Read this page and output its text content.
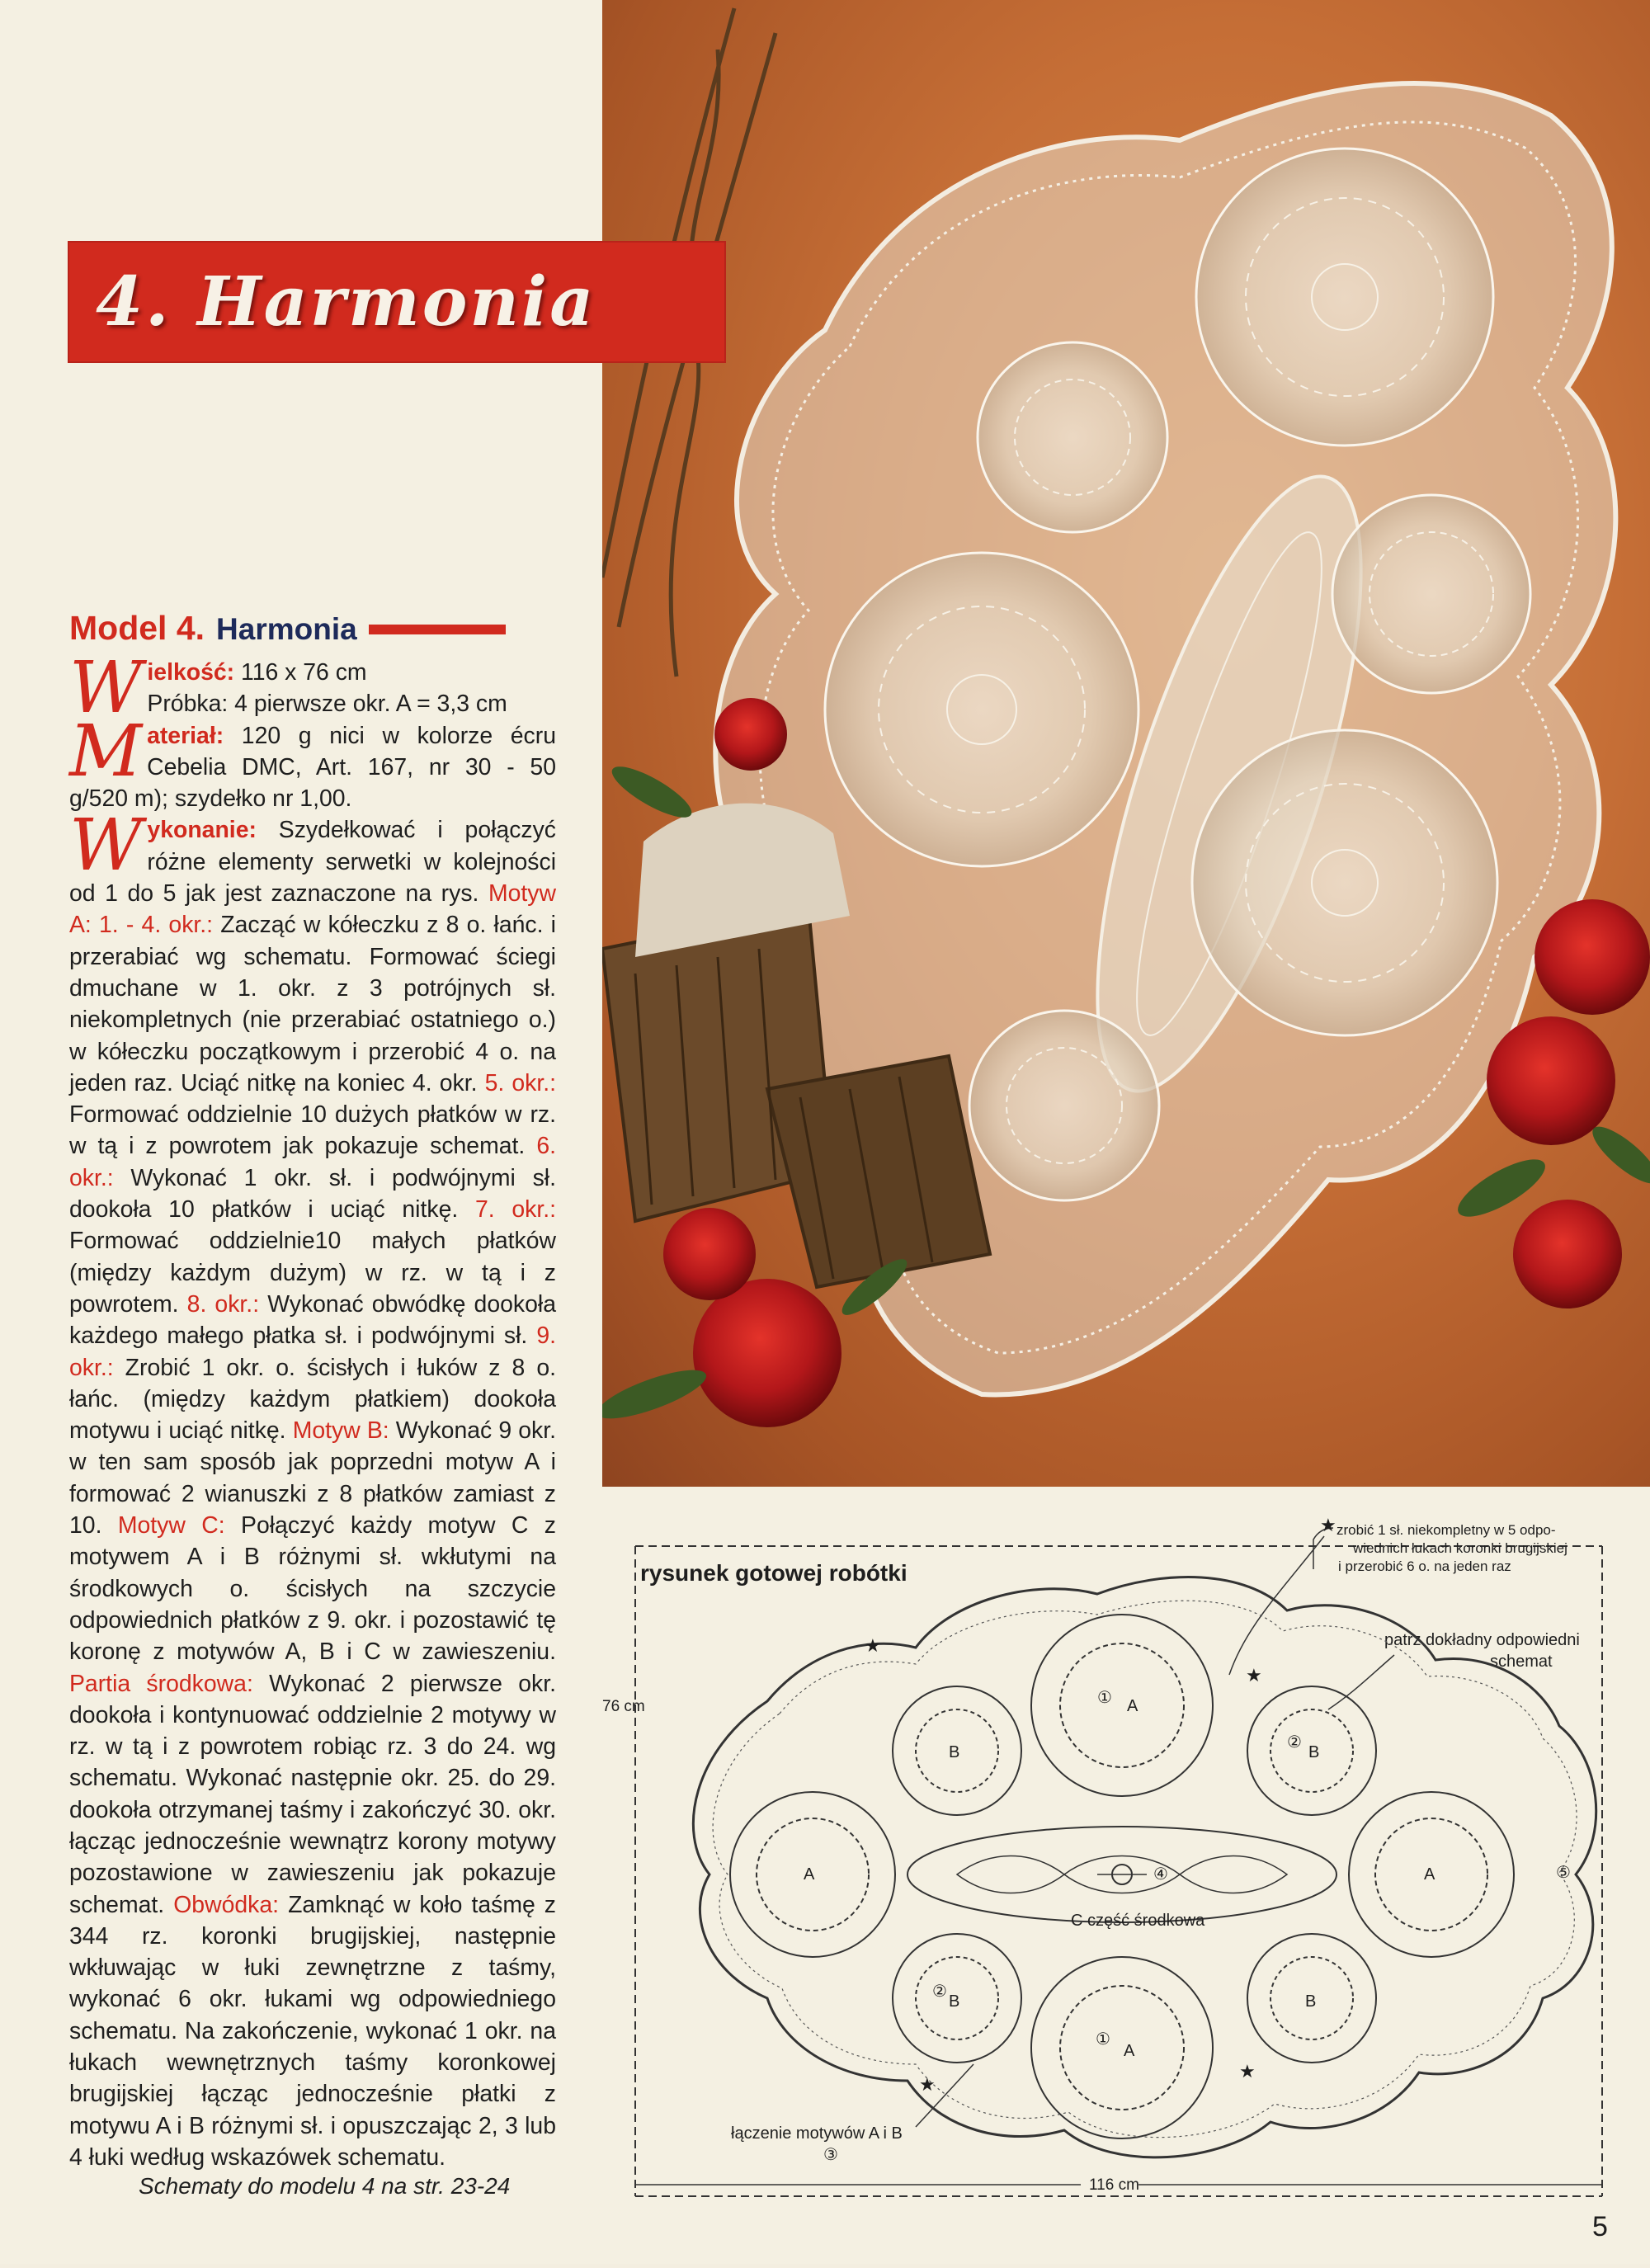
4. Harmonia
Model 4. Harmonia

Wielkość: 116 x 76 cm
Próbka: 4 pierwsze okr. A = 3,3 cm

Materiał: 120 g nici w kolorze écru Cebelia DMC, Art. 167, nr 30 - 50 g/520 m); szydełko nr 1,00.

Wykonanie: Szydełkować i połączyć różne elementy serwetki w kolejności od 1 do 5 jak jest zaznaczone na rys. Motyw A: 1. - 4. okr.: Zacząć w kółeczku z 8 o. łańc. i przerabiać wg schematu. Formować ściegi dmuchane w 1. okr. z 3 potrójnych sł. niekompletnych (nie przerabiać ostatniego o.) w kółeczku początkowym i przerobić 4 o. na jeden raz. Uciąć nitkę na koniec 4. okr. 5. okr.: Formować oddzielnie 10 dużych płatków w rz. w tą i z powrotem jak pokazuje schemat. 6. okr.: Wykonać 1 okr. sł. i podwójnymi sł. dookoła 10 płatków i uciąć nitkę. 7. okr.: Formować oddzielnie10 małych płatków (między każdym dużym) w rz. w tą i z powrotem. 8. okr.: Wykonać obwódkę dookoła każdego małego płatka sł. i podwójnymi sł. 9. okr.: Zrobić 1 okr. o. ścisłych i łuków z 8 o. łańc. (między każdym płatkiem) dookoła motywu i uciąć nitkę. Motyw B: Wykonać 9 okr. w ten sam sposób jak poprzedni motyw A i formować 2 wianuszki z 8 płatków zamiast z 10. Motyw C: Połączyć każdy motyw C z motywem A i B różnymi sł. wkłutymi na środkowych o. ścisłych na szczycie odpowiednich płatków z 9. okr. i pozostawić tę koronę z motywów A, B i C w zawieszeniu. Partia środkowa: Wykonać 2 pierwsze okr. dookoła i kontynuować oddzielnie 2 motywy w rz. w tą i z powrotem robiąc rz. 3 do 24. wg schematu. Wykonać następnie okr. 25. do 29. dookoła otrzymanej taśmy i zakończyć 30. okr. łącząc jednocześnie wewnątrz korony motywy pozostawione w zawieszeniu jak pokazuje schemat. Obwódka: Zamknąć w koło taśmę z 344 rz. koronki brugijskiej, następnie wkłuwając w łuki zewnętrzne z taśmy, wykonać 6 okr. łukami wg odpowiedniego schematu. Na zakończenie, wykonać 1 okr. na łukach wewnętrznych taśmy koronkowej brugijskiej łącząc jednocześnie płatki z motywu A i B różnymi sł. i opuszczając 2, 3 lub 4 łuki według wskazówek schematu.

Schematy do modelu 4 na str. 23-24
rysunek gotowej robótki
76 cm
116 cm
zrobić 1 sł. niekompletny w 5 odpo-
wiednich łukach koronki brugijskiej
i przerobić 6 o. na jeden raz
patrz dokładny odpowiedni
schemat
A
①
B
②
B
A	A	⑤
④
②
B	B
①
A
C część środkowa
łączenie motywów A i B
③
★
★
★
★
★
5
